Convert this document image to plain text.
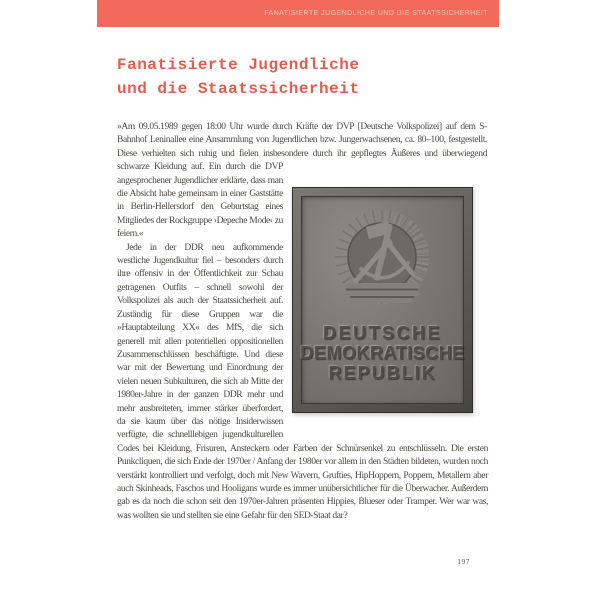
FANATISIERTE JUGENDLICHE UND DIE STAATSSICHERHEIT
Fanatisierte Jugendliche
und die Staatssicherheit
DEUTSCHE
DEMOKRATISCHE
REPUBLIK

»Am 09.05.1989 gegen 18:00 Uhr wurde durch Kräfte der DVP [Deutsche Volkspolizei] auf dem S-Bahnhof Leninallee eine Ansammlung von Jugendlichen bzw. Jungerwachsenen, ca. 80–100, festgestellt. Diese verhielten sich ruhig und fielen insbesondere durch ihr gepflegtes Äußeres und überwiegend schwarze Kleidung auf. Ein durch die DVP angesprochener Jugendlicher erklärte, dass man die Absicht habe gemeinsam in einer Gaststätte in Berlin-Hellersdorf den Geburtstag eines Mitgliedes der Rockgruppe ›Depeche Mode‹ zu feiern.«

Jede in der DDR neu aufkommende westliche Jugendkultur fiel – besonders durch ihre offensiv in der Öffentlichkeit zur Schau getragenen Outfits – schnell sowohl der Volkspolizei als auch der Staatssicherheit auf. Zuständig für diese Gruppen war die »Hauptabteilung XX« des MfS, die sich generell mit allen potentiellen oppositionellen Zusammenschlüssen beschäftigte. Und diese war mit der Bewertung und Einordnung der vielen neuen Subkulturen, die sich ab Mitte der 1980er-Jahre in der ganzen DDR mehr und mehr ausbreiteten, immer stärker überfordert, da sie kaum über das nötige Insiderwissen verfügte, die schnelllebigen jugendkulturellen Codes bei Kleidung, Frisuren, Ansteckern oder Farben der Schnürsenkel zu entschlüsseln. Die ersten Punkcliquen, die sich Ende der 1970er / Anfang der 1980er vor allem in den Städten bildeten, wurden noch verstärkt kontrolliert und verfolgt, doch mit New Wavern, Grufties, HipHoppern, Poppern, Metallern aber auch Skinheads, Faschos und Hooligans wurde es immer unübersichtlicher für die Überwacher. Außerdem gab es da noch die schon seit den 1970er-Jahren präsenten Hippies, Blueser oder Tramper. Wer war was, was wollten sie und stellten sie eine Gefahr für den SED-Staat dar?

197
